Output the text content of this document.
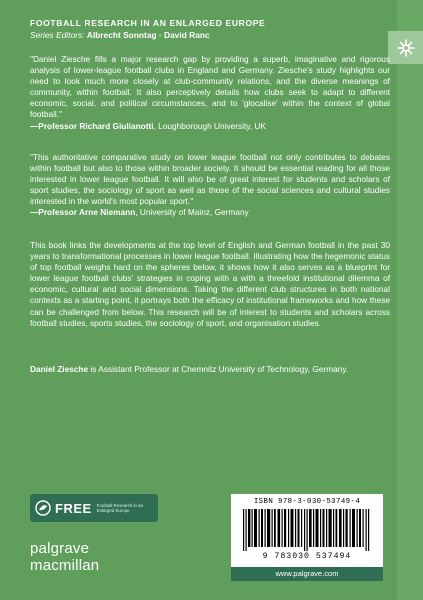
FOOTBALL RESEARCH IN AN ENLARGED EUROPE
Series Editors: Albrecht Sonntag · David Ranc
"Daniel Ziesche fills a major research gap by providing a superb, imaginative and rigorous analysis of lower-league football clubs in England and Germany. Ziesche's study highlights our need to look much more closely at club-community relations, and the diverse meanings of community, within football. It also perceptively details how clubs seek to adapt to different economic, social, and political circumstances, and to 'glocalise' within the context of global football."
—Professor Richard Giulianotti, Loughborough University, UK
"This authoritative comparative study on lower league football not only contributes to debates within football but also to those within broader society. It should be essential reading for all those interested in lower league football. It will also be of great interest for students and scholars of sport studies, the sociology of sport as well as those of the social sciences and cultural studies interested in the world's most popular sport."
—Professor Arne Niemann, University of Mainz, Germany
This book links the developments at the top level of English and German football in the past 30 years to transformational processes in lower league football. Illustrating how the hegemonic status of top football weighs hard on the spheres below, it shows how it also serves as a blueprint for lower league football clubs' strategies in coping with a with a threefold institutional dilemma of economic, cultural and social dimensions. Taking the different club structures in both national contexts as a starting point, it portrays both the efficacy of institutional frameworks and how these can be challenged from below. This research will be of interest to students and scholars across football studies, sports studies, the sociology of sport, and organisation studies.
Daniel Ziesche is Assistant Professor at Chemnitz University of Technology, Germany.
FREE Football Research in an Enlarged Europe
palgrave
macmillan
ISBN 978-3-030-53749-4
9 783030 537494
www.palgrave.com
